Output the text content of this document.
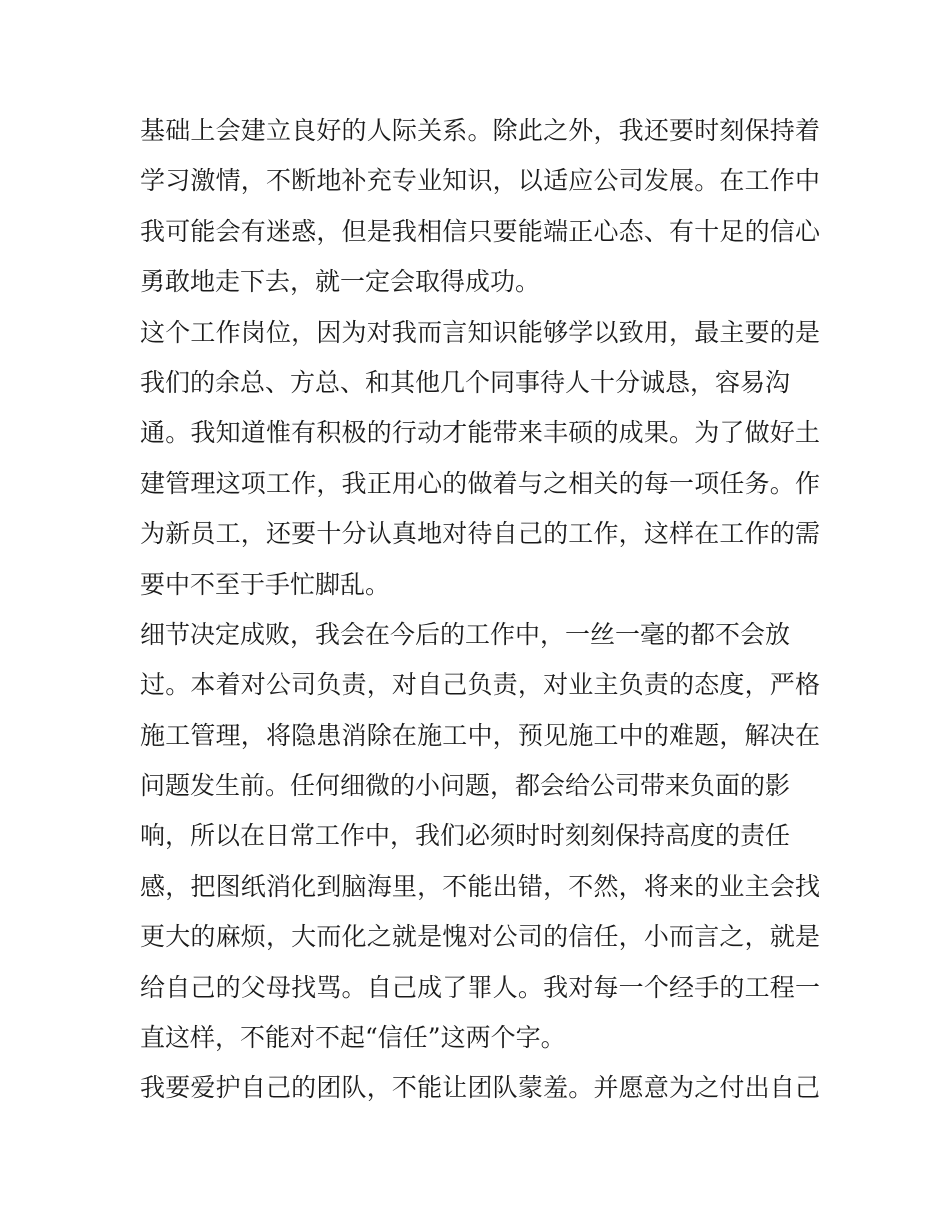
基础上会建立良好的人际关系。除此之外，我还要时刻保持着
学习激情，不断地补充专业知识，以适应公司发展。在工作中
我可能会有迷惑，但是我相信只要能端正心态、有十足的信心
勇敢地走下去，就一定会取得成功。
这个工作岗位，因为对我而言知识能够学以致用，最主要的是
我们的余总、方总、和其他几个同事待人十分诚恳，容易沟
通。我知道惟有积极的行动才能带来丰硕的成果。为了做好土
建管理这项工作，我正用心的做着与之相关的每一项任务。作
为新员工，还要十分认真地对待自己的工作，这样在工作的需
要中不至于手忙脚乱。
细节决定成败，我会在今后的工作中，一丝一毫的都不会放
过。本着对公司负责，对自己负责，对业主负责的态度，严格
施工管理，将隐患消除在施工中，预见施工中的难题，解决在
问题发生前。任何细微的小问题，都会给公司带来负面的影
响，所以在日常工作中，我们必须时时刻刻保持高度的责任
感，把图纸消化到脑海里，不能出错，不然，将来的业主会找
更大的麻烦，大而化之就是愧对公司的信任，小而言之，就是
给自己的父母找骂。自己成了罪人。我对每一个经手的工程一
直这样，不能对不起“信任”这两个字。
我要爱护自己的团队，不能让团队蒙羞。并愿意为之付出自己
